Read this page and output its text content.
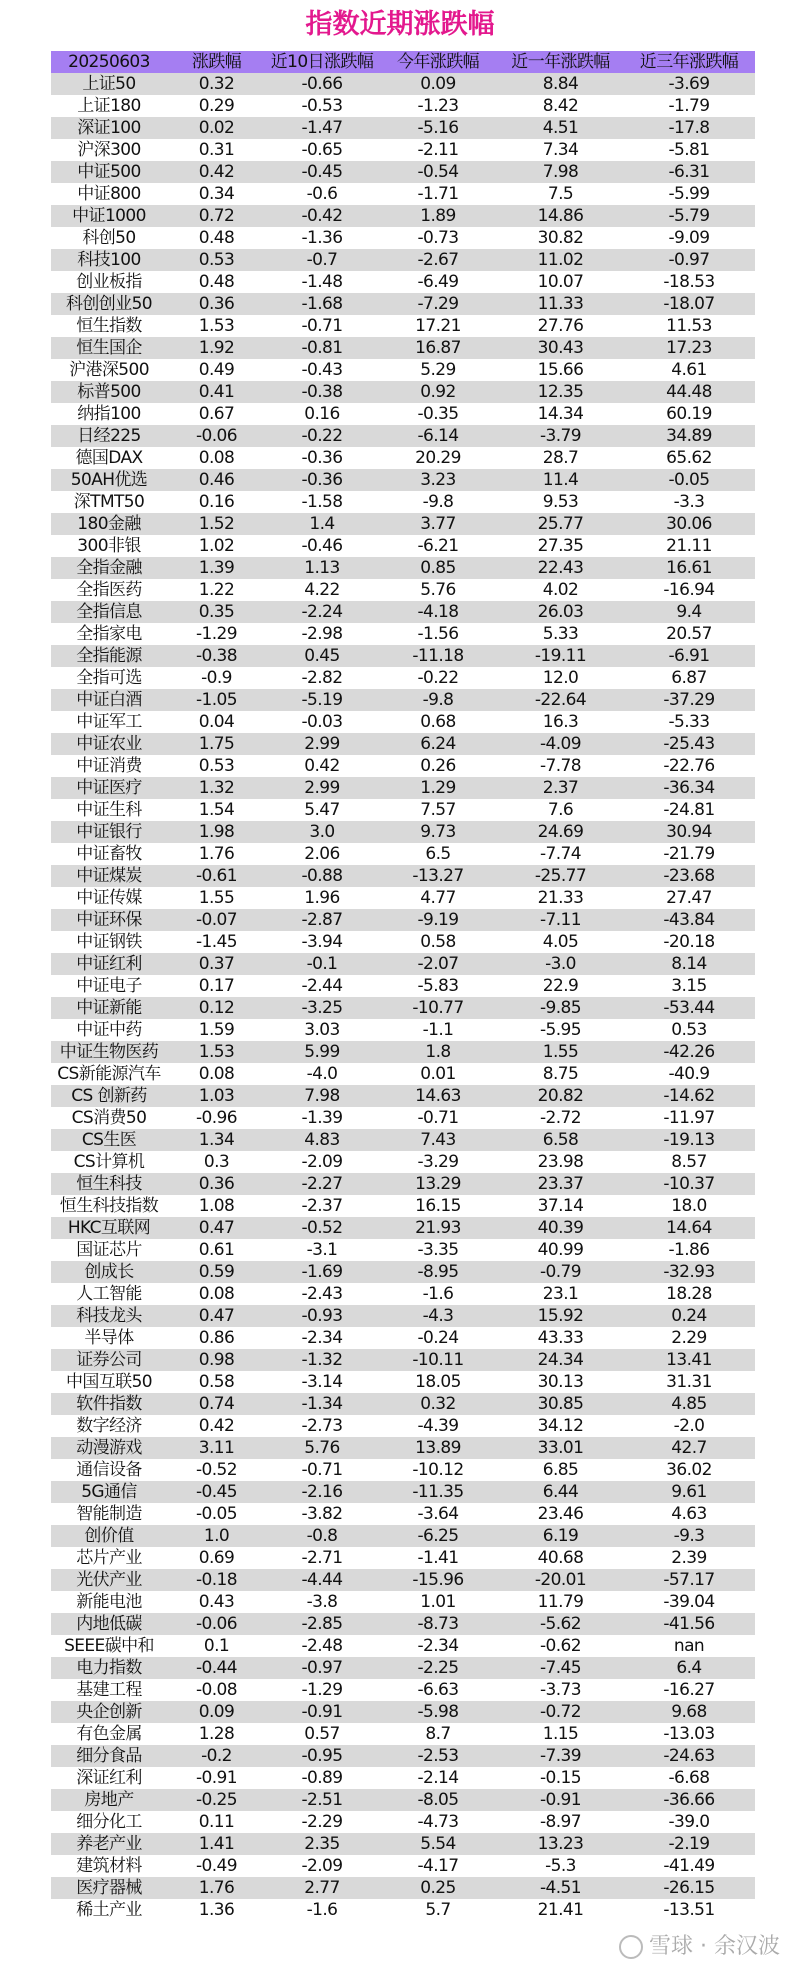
指数近期涨跌幅
20250603	涨跌幅	近10日涨跌幅	今年涨跌幅	近一年涨跌幅	近三年涨跌幅
上证50	0.32	-0.66	0.09	8.84	-3.69
上证180	0.29	-0.53	-1.23	8.42	-1.79
深证100	0.02	-1.47	-5.16	4.51	-17.8
沪深300	0.31	-0.65	-2.11	7.34	-5.81
中证500	0.42	-0.45	-0.54	7.98	-6.31
中证800	0.34	-0.6	-1.71	7.5	-5.99
中证1000	0.72	-0.42	1.89	14.86	-5.79
科创50	0.48	-1.36	-0.73	30.82	-9.09
科技100	0.53	-0.7	-2.67	11.02	-0.97
创业板指	0.48	-1.48	-6.49	10.07	-18.53
科创创业50	0.36	-1.68	-7.29	11.33	-18.07
恒生指数	1.53	-0.71	17.21	27.76	11.53
恒生国企	1.92	-0.81	16.87	30.43	17.23
沪港深500	0.49	-0.43	5.29	15.66	4.61
标普500	0.41	-0.38	0.92	12.35	44.48
纳指100	0.67	0.16	-0.35	14.34	60.19
日经225	-0.06	-0.22	-6.14	-3.79	34.89
德国DAX	0.08	-0.36	20.29	28.7	65.62
50AH优选	0.46	-0.36	3.23	11.4	-0.05
深TMT50	0.16	-1.58	-9.8	9.53	-3.3
180金融	1.52	1.4	3.77	25.77	30.06
300非银	1.02	-0.46	-6.21	27.35	21.11
全指金融	1.39	1.13	0.85	22.43	16.61
全指医药	1.22	4.22	5.76	4.02	-16.94
全指信息	0.35	-2.24	-4.18	26.03	9.4
全指家电	-1.29	-2.98	-1.56	5.33	20.57
全指能源	-0.38	0.45	-11.18	-19.11	-6.91
全指可选	-0.9	-2.82	-0.22	12.0	6.87
中证白酒	-1.05	-5.19	-9.8	-22.64	-37.29
中证军工	0.04	-0.03	0.68	16.3	-5.33
中证农业	1.75	2.99	6.24	-4.09	-25.43
中证消费	0.53	0.42	0.26	-7.78	-22.76
中证医疗	1.32	2.99	1.29	2.37	-36.34
中证生科	1.54	5.47	7.57	7.6	-24.81
中证银行	1.98	3.0	9.73	24.69	30.94
中证畜牧	1.76	2.06	6.5	-7.74	-21.79
中证煤炭	-0.61	-0.88	-13.27	-25.77	-23.68
中证传媒	1.55	1.96	4.77	21.33	27.47
中证环保	-0.07	-2.87	-9.19	-7.11	-43.84
中证钢铁	-1.45	-3.94	0.58	4.05	-20.18
中证红利	0.37	-0.1	-2.07	-3.0	8.14
中证电子	0.17	-2.44	-5.83	22.9	3.15
中证新能	0.12	-3.25	-10.77	-9.85	-53.44
中证中药	1.59	3.03	-1.1	-5.95	0.53
中证生物医药	1.53	5.99	1.8	1.55	-42.26
CS新能源汽车	0.08	-4.0	0.01	8.75	-40.9
CS 创新药	1.03	7.98	14.63	20.82	-14.62
CS消费50	-0.96	-1.39	-0.71	-2.72	-11.97
CS生医	1.34	4.83	7.43	6.58	-19.13
CS计算机	0.3	-2.09	-3.29	23.98	8.57
恒生科技	0.36	-2.27	13.29	23.37	-10.37
恒生科技指数	1.08	-2.37	16.15	37.14	18.0
HKC互联网	0.47	-0.52	21.93	40.39	14.64
国证芯片	0.61	-3.1	-3.35	40.99	-1.86
创成长	0.59	-1.69	-8.95	-0.79	-32.93
人工智能	0.08	-2.43	-1.6	23.1	18.28
科技龙头	0.47	-0.93	-4.3	15.92	0.24
半导体	0.86	-2.34	-0.24	43.33	2.29
证券公司	0.98	-1.32	-10.11	24.34	13.41
中国互联50	0.58	-3.14	18.05	30.13	31.31
软件指数	0.74	-1.34	0.32	30.85	4.85
数字经济	0.42	-2.73	-4.39	34.12	-2.0
动漫游戏	3.11	5.76	13.89	33.01	42.7
通信设备	-0.52	-0.71	-10.12	6.85	36.02
5G通信	-0.45	-2.16	-11.35	6.44	9.61
智能制造	-0.05	-3.82	-3.64	23.46	4.63
创价值	1.0	-0.8	-6.25	6.19	-9.3
芯片产业	0.69	-2.71	-1.41	40.68	2.39
光伏产业	-0.18	-4.44	-15.96	-20.01	-57.17
新能电池	0.43	-3.8	1.01	11.79	-39.04
内地低碳	-0.06	-2.85	-8.73	-5.62	-41.56
SEEE碳中和	0.1	-2.48	-2.34	-0.62	nan
电力指数	-0.44	-0.97	-2.25	-7.45	6.4
基建工程	-0.08	-1.29	-6.63	-3.73	-16.27
央企创新	0.09	-0.91	-5.98	-0.72	9.68
有色金属	1.28	0.57	8.7	1.15	-13.03
细分食品	-0.2	-0.95	-2.53	-7.39	-24.63
深证红利	-0.91	-0.89	-2.14	-0.15	-6.68
房地产	-0.25	-2.51	-8.05	-0.91	-36.66
细分化工	0.11	-2.29	-4.73	-8.97	-39.0
养老产业	1.41	2.35	5.54	13.23	-2.19
建筑材料	-0.49	-2.09	-4.17	-5.3	-41.49
医疗器械	1.76	2.77	0.25	-4.51	-26.15
稀土产业	1.36	-1.6	5.7	21.41	-13.51
雪球 · 余汉波
